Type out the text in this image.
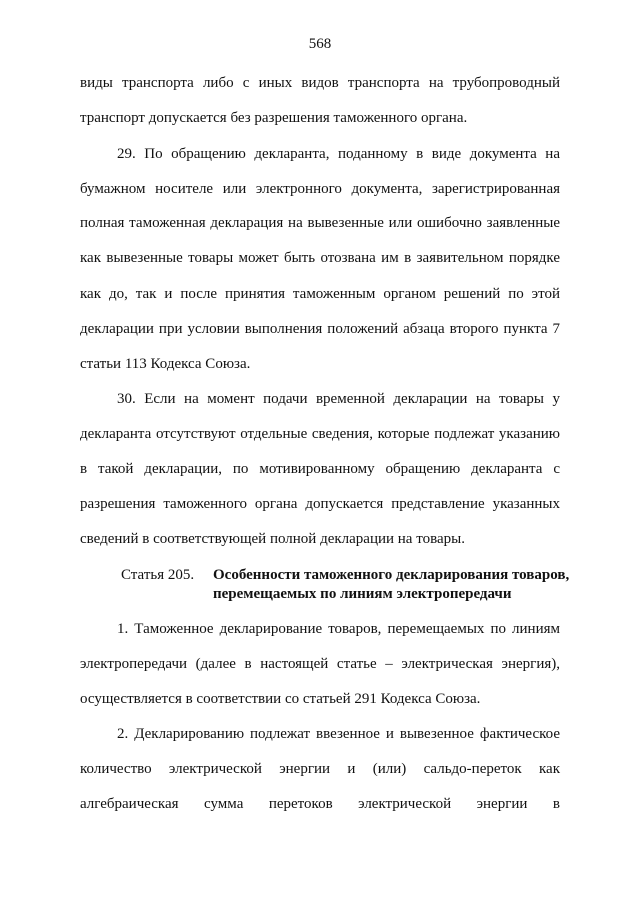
568
виды транспорта либо с иных видов транспорта на трубопроводный
транспорт допускается без разрешения таможенного органа.
29. По обращению декларанта, поданному в виде документа на
бумажном носителе или электронного документа, зарегистрированная
полная таможенная декларация на вывезенные или ошибочно заявленные
как вывезенные товары может быть отозвана им в заявительном порядке
как до, так и после принятия таможенным органом решений по этой
декларации при условии выполнения положений абзаца второго пункта 7
статьи 113 Кодекса Союза.
30. Если на момент подачи временной декларации на товары у
декларанта отсутствуют отдельные сведения, которые подлежат указанию
в такой декларации, по мотивированному обращению декларанта с
разрешения таможенного органа допускается представление указанных
сведений в соответствующей полной декларации на товары.
Статья 205. Особенности таможенного декларирования товаров,
перемещаемых по линиям электропередачи
1. Таможенное декларирование товаров, перемещаемых по линиям
электропередачи (далее в настоящей статье – электрическая энергия),
осуществляется в соответствии со статьей 291 Кодекса Союза.
2. Декларированию подлежат ввезенное и вывезенное фактическое
количество электрической энергии и (или) сальдо-переток как
алгебраическая сумма перетоков электрической энергии в
